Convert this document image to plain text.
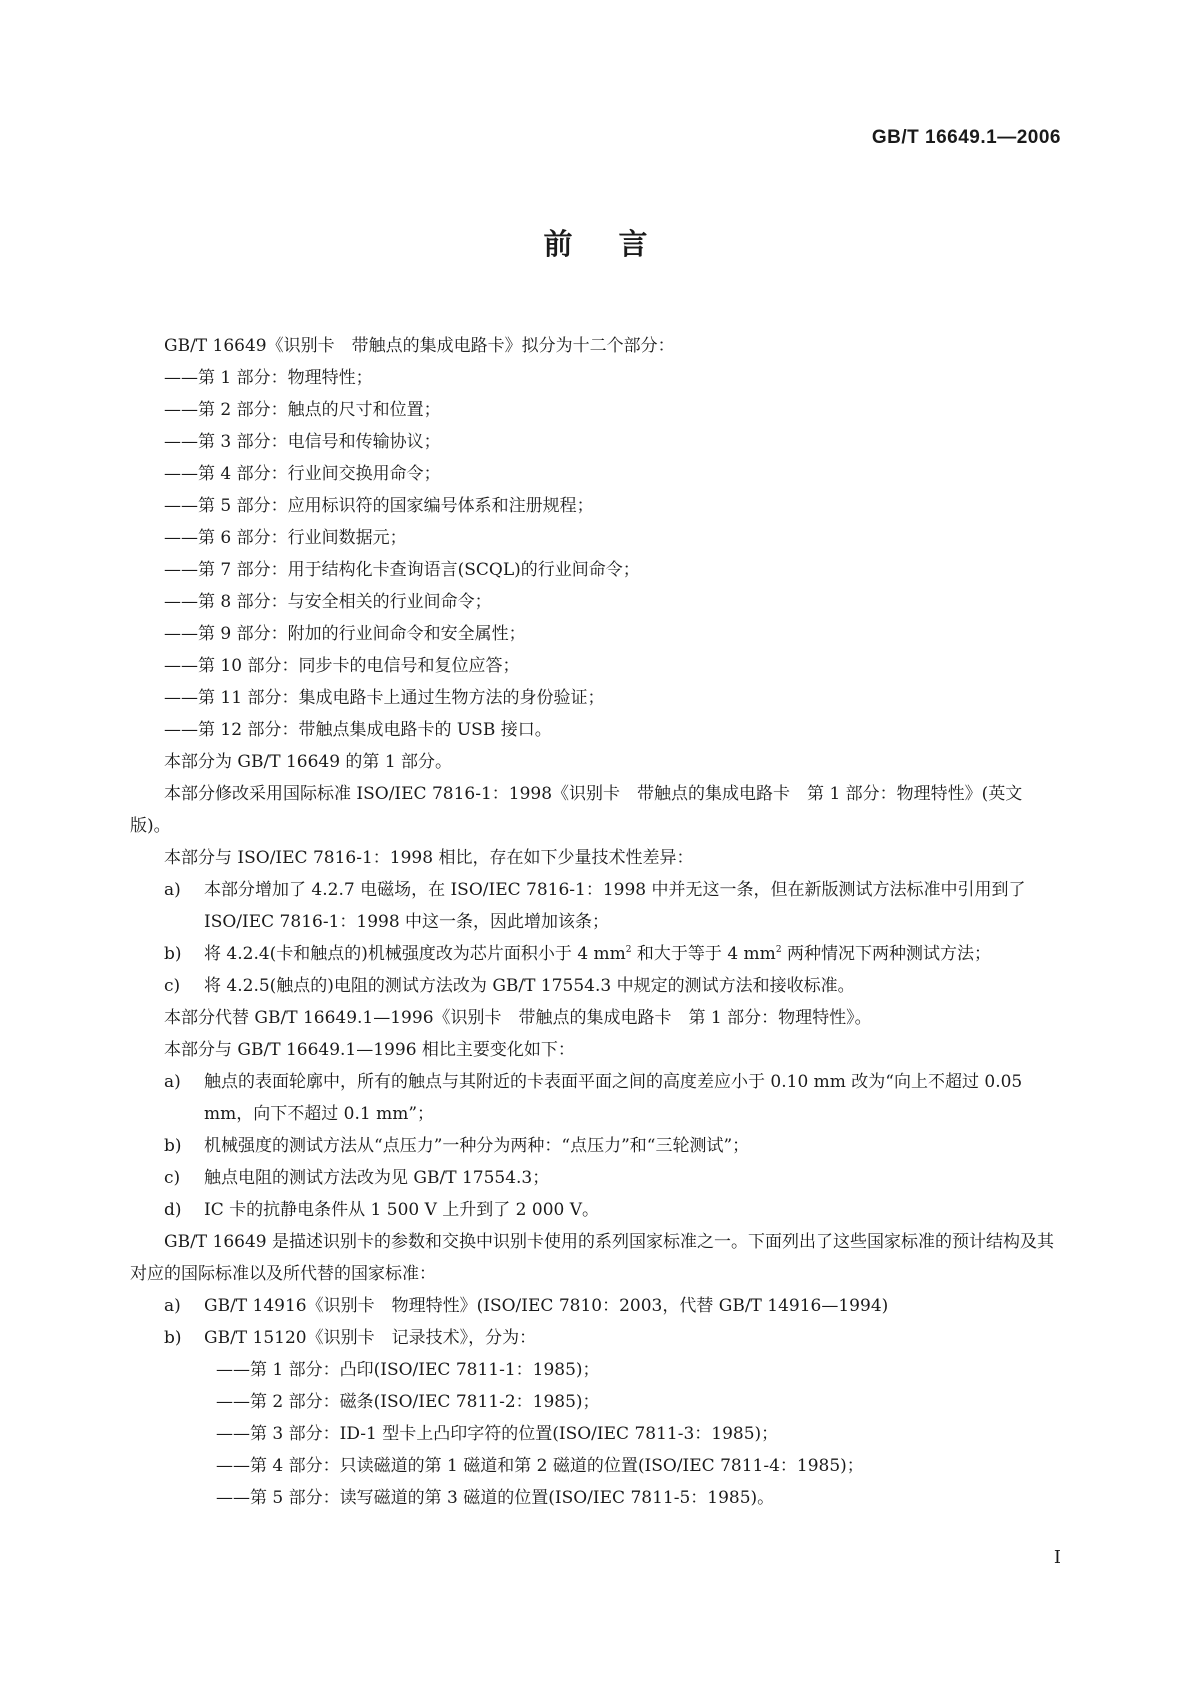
GB/T 16649.1—2006
前言

GB/T 16649《识别卡　带触点的集成电路卡》拟分为十二个部分：

——第 1 部分：物理特性；

——第 2 部分：触点的尺寸和位置；

——第 3 部分：电信号和传输协议；

——第 4 部分：行业间交换用命令；

——第 5 部分：应用标识符的国家编号体系和注册规程；

——第 6 部分：行业间数据元；

——第 7 部分：用于结构化卡查询语言(SCQL)的行业间命令；

——第 8 部分：与安全相关的行业间命令；

——第 9 部分：附加的行业间命令和安全属性；

——第 10 部分：同步卡的电信号和复位应答；

——第 11 部分：集成电路卡上通过生物方法的身份验证；

——第 12 部分：带触点集成电路卡的 USB 接口。

本部分为 GB/T 16649 的第 1 部分。

本部分修改采用国际标准 ISO/IEC 7816-1：1998《识别卡　带触点的集成电路卡　第 1 部分：物理特性》(英文版)。

本部分与 ISO/IEC 7816-1：1998 相比，存在如下少量技术性差异：

a)	本部分增加了 4.2.7 电磁场，在 ISO/IEC 7816-1：1998 中并无这一条，但在新版测试方法标准中引用到了 ISO/IEC 7816-1：1998 中这一条，因此增加该条；
b)	将 4.2.4(卡和触点的)机械强度改为芯片面积小于 4 $mm^2$ 和大于等于 4 $mm^2$ 两种情况下两种测试方法；
c)	将 4.2.5(触点的)电阻的测试方法改为 GB/T 17554.3 中规定的测试方法和接收标准。

本部分代替 GB/T 16649.1—1996《识别卡　带触点的集成电路卡　第 1 部分：物理特性》。

本部分与 GB/T 16649.1—1996 相比主要变化如下：

a)	触点的表面轮廓中，所有的触点与其附近的卡表面平面之间的高度差应小于 0.10 mm 改为“向上不超过 0.05 mm，向下不超过 0.1 mm”；
b)	机械强度的测试方法从“点压力”一种分为两种：“点压力”和“三轮测试”；
c)	触点电阻的测试方法改为见 GB/T 17554.3；
d)	IC 卡的抗静电条件从 1 500 V 上升到了 2 000 V。

GB/T 16649 是描述识别卡的参数和交换中识别卡使用的系列国家标准之一。下面列出了这些国家标准的预计结构及其对应的国际标准以及所代替的国家标准：

a)	GB/T 14916《识别卡　物理特性》(ISO/IEC 7810：2003，代替 GB/T 14916—1994)
b)	GB/T 15120《识别卡　记录技术》，分为：

——第 1 部分：凸印(ISO/IEC 7811-1：1985)；

——第 2 部分：磁条(ISO/IEC 7811-2：1985)；

——第 3 部分：ID-1 型卡上凸印字符的位置(ISO/IEC 7811-3：1985)；

——第 4 部分：只读磁道的第 1 磁道和第 2 磁道的位置(ISO/IEC 7811-4：1985)；

——第 5 部分：读写磁道的第 3 磁道的位置(ISO/IEC 7811-5：1985)。

I
